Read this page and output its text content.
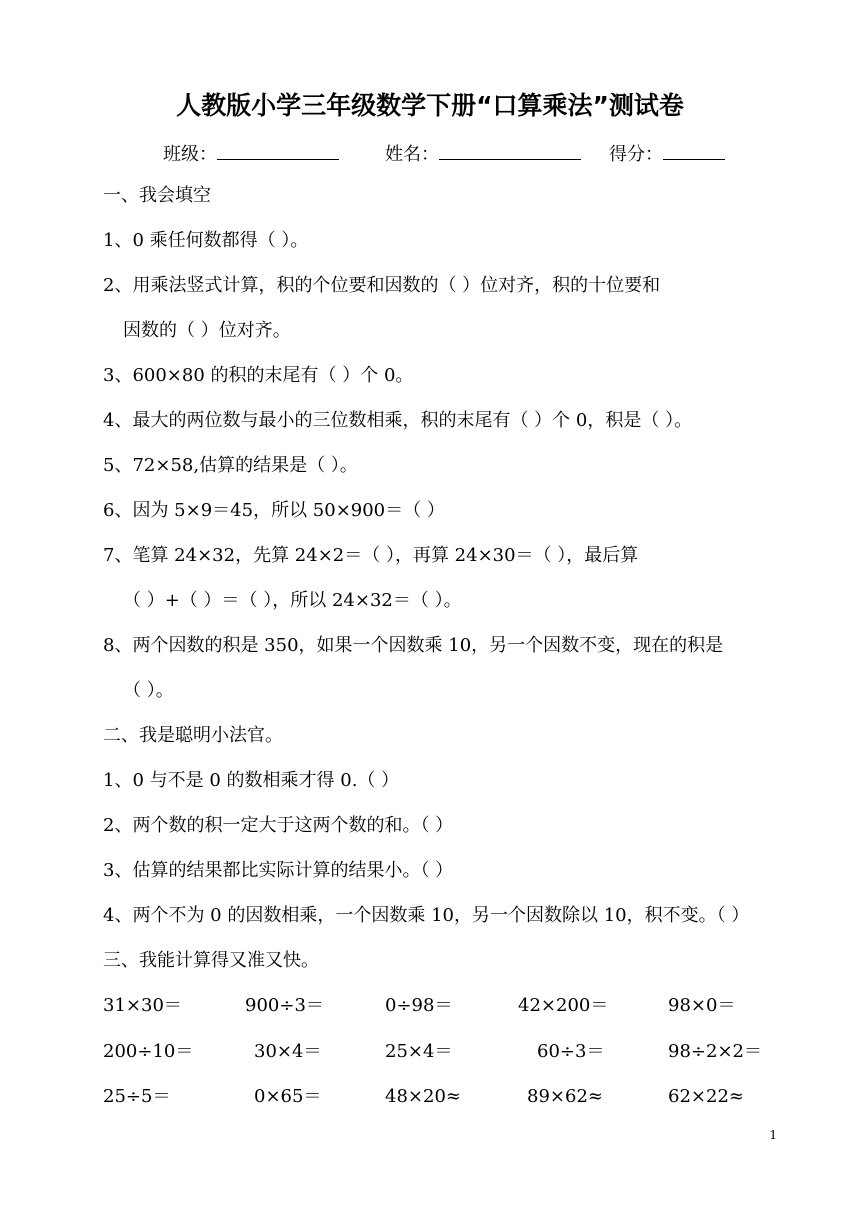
人教版小学三年级数学下册“口算乘法”测试卷
班级：	姓名：	得分：
一、我会填空
1、0 乘任何数都得（ ）。
2、用乘法竖式计算，积的个位要和因数的（ ）位对齐，积的十位要和
因数的（ ）位对齐。
3、600×80 的积的末尾有（ ）个 0。
4、最大的两位数与最小的三位数相乘，积的末尾有（ ）个 0，积是（ ）。
5、72×58,估算的结果是（ ）。
6、因为 5×9＝45，所以 50×900＝（ ）
7、笔算 24×32，先算 24×2＝（ ），再算 24×30＝（ ），最后算
（ ）+（ ）＝（ ），所以 24×32＝（ ）。
8、两个因数的积是 350，如果一个因数乘 10，另一个因数不变，现在的积是
（ ）。
二、我是聪明小法官。
1、0 与不是 0 的数相乘才得 0.（ ）
2、两个数的积一定大于这两个数的和。（ ）
3、估算的结果都比实际计算的结果小。（ ）
4、两个不为 0 的因数相乘，一个因数乘 10，另一个因数除以 10，积不变。（ ）
三、我能计算得又准又快。
31×30＝	900÷3＝	0÷98＝	42×200＝	98×0＝
200÷10＝	30×4＝	25×4＝	60÷3＝	98÷2×2＝
25÷5＝	0×65＝	48×20≈	89×62≈	62×22≈
1
